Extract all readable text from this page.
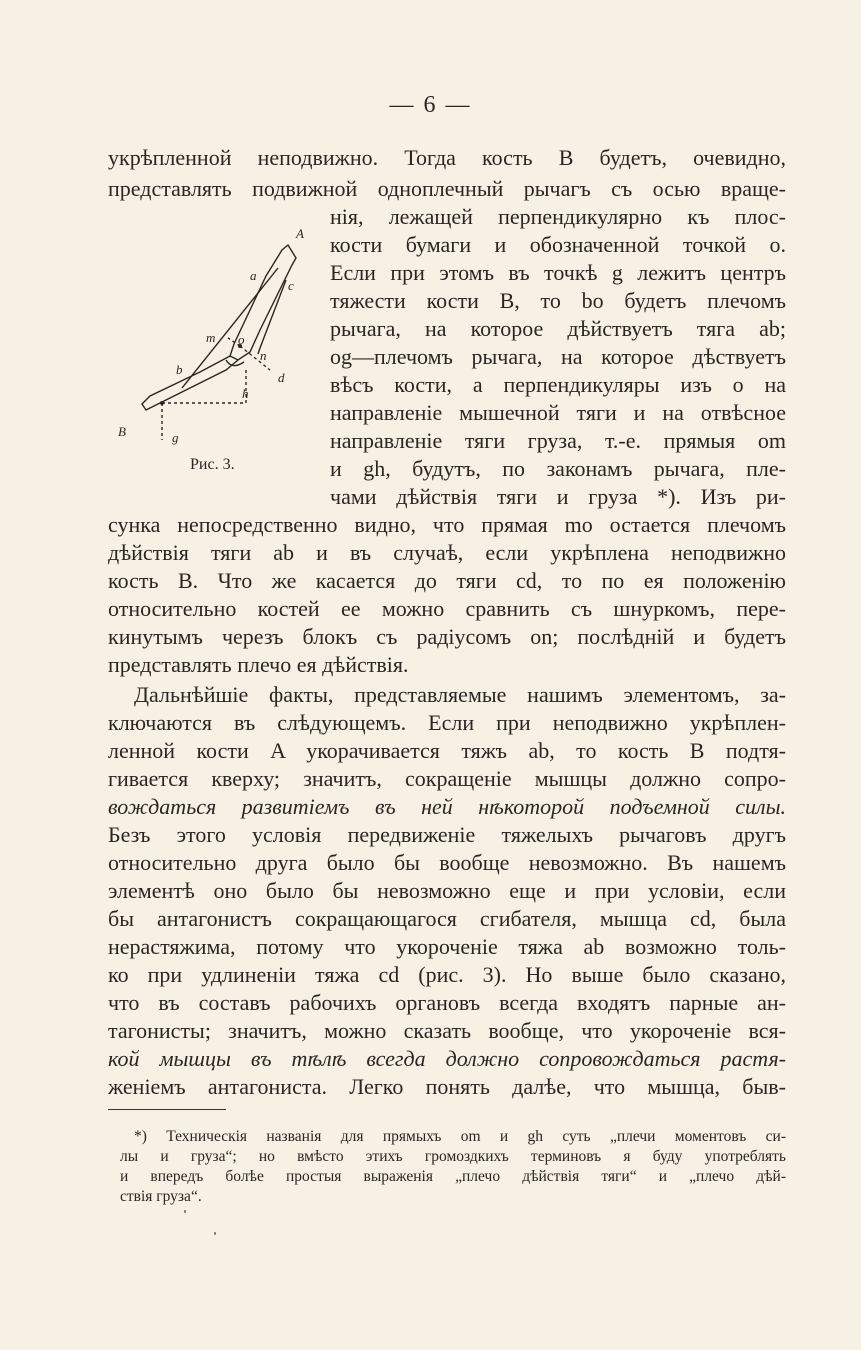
— 6 —
укрѣпленной неподвижно. Тогда кость B будетъ, очевидно,
представлять подвижной одноплечный рычагъ съ осью враще-
нія, лежащей перпендикулярно къ плос-
кости бумаги и обозначенной точкой o.
Если при этомъ въ точкѣ g лежитъ центръ
тяжести кости B, то bo будетъ плечомъ
рычага, на которое дѣйствуетъ тяга ab;
og—плечомъ рычага, на которое дѣствуетъ
вѣсъ кости, а перпендикуляры изъ o на
направленіе мышечной тяги и на отвѣсное
направленіе тяги груза, т.-е. прямыя om
и gh, будутъ, по законамъ рычага, пле-
чами дѣйствія тяги и груза *). Изъ ри-
сунка непосредственно видно, что прямая mo остается плечомъ
дѣйствія тяги ab и въ случаѣ, если укрѣплена неподвижно
кость B. Что же касается до тяги cd, то по ея положенію
относительно костей ее можно сравнить съ шнуркомъ, пере-
кинутымъ черезъ блокъ съ радіусомъ on; послѣдній и будетъ
представлять плечо ея дѣйствія.
Дальнѣйшіе факты, представляемые нашимъ элементомъ, за-
ключаются въ слѣдующемъ. Если при неподвижно укрѣплен-
ленной кости A укорачивается тяжъ ab, то кость B подтя-
гивается кверху; значитъ, сокращеніе мышцы должно сопро-
вождаться развитіемъ въ ней нѣкоторой подъемной силы.
Безъ этого условія передвиженіе тяжелыхъ рычаговъ другъ
относительно друга было бы вообще невозможно. Въ нашемъ
элементѣ оно было бы невозможно еще и при условіи, если
бы антагонистъ сокращающагося сгибателя, мышца cd, была
нерастяжима, потому что укороченіе тяжа ab возможно толь-
ко при удлиненіи тяжа cd (рис. 3). Но выше было сказано,
что въ составъ рабочихъ органовъ всегда входятъ парные ан-
тагонисты; значитъ, можно сказать вообще, что укороченіе вся-
кой мышцы въ тѣлѣ всегда должно сопровождаться растя-
женіемъ антагониста. Легко понять далѣе, что мышца, быв-
A
a
c
m o
n
d
b
h
B	g
Рис. 3.
*) Техническія названія для прямыхъ om и gh суть „плечи моментовъ си-
лы и груза“; но вмѣсто этихъ громоздкихъ терминовъ я буду употреблять
и впередъ болѣе простыя выраженія „плечо дѣйствія тяги“ и „плечо дѣй-
ствія груза“.
